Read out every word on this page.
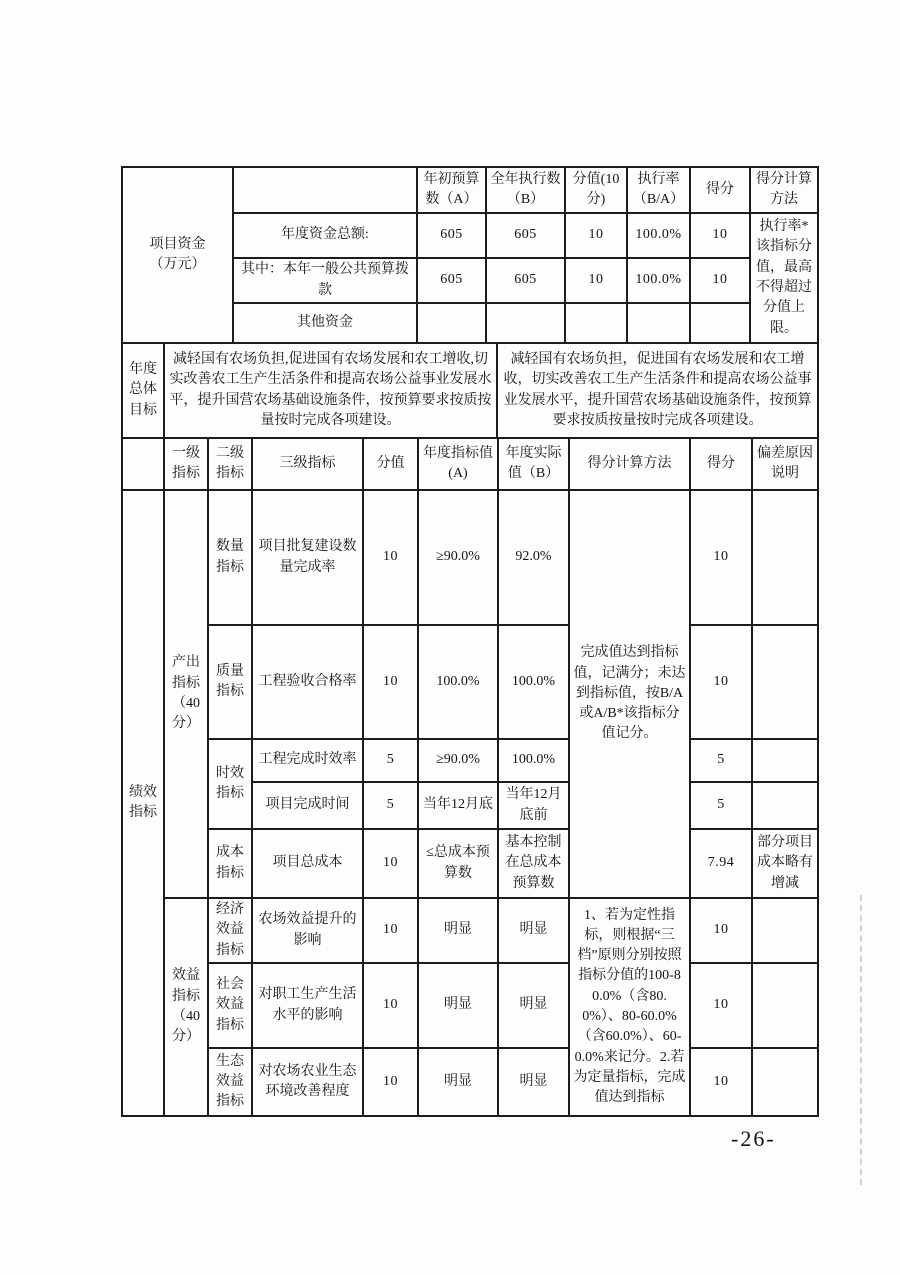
项目资金
（万元）		年初预算数（A）	全年执行数（B）	分值(10分)	执行率（B/A）	得分	得分计算方法
	年度资金总额:	605	605	10	100.0%	10	执行率*该指标分值，最高不得超过分值上限。
	其中：本年一般公共预算拨款	605	605	10	100.0%	10	
	其他资金						
年度总体目标	减轻国有农场负担,促进国有农场发展和农工增收,切实改善农工生产生活条件和提高农场公益事业发展水平，提升国营农场基础设施条件，按预算要求按质按量按时完成各项建设。	减轻国有农场负担，促进国有农场发展和农工增收，切实改善农工生产生活条件和提高农场公益事业发展水平，提升国营农场基础设施条件，按预算要求按质按量按时完成各项建设。
	一级指标	二级指标	三级指标	分值	年度指标值(A)	年度实际值（B）	得分计算方法	得分	偏差原因说明
绩效指标	产出指标（40分）	数量指标	项目批复建设数量完成率	10	≥90.0%	92.0%	完成值达到指标值，记满分；未达到指标值，按B/A或A/B*该指标分值记分。	10	
		质量指标	工程验收合格率	10	100.0%	100.0%		10	
		时效指标	工程完成时效率	5	≥90.0%	100.0%		5	
			项目完成时间	5	当年12月底	当年12月底前		5	
		成本指标	项目总成本	10	≤总成本预算数	基本控制在总成本预算数		7.94	部分项目成本略有增减
	效益指标（40分）	经济效益指标	农场效益提升的影响	10	明显	明显	1、若为定性指标，则根据“三档”原则分别按照指标分值的100-80.0%（含80.0%）、80-60.0%（含60.0%）、60-0.0%来记分。2.若为定量指标，完成值达到指标	10	
		社会效益指标	对职工生产生活水平的影响	10	明显	明显		10	
		生态效益指标	对农场农业生态环境改善程度	10	明显	明显		10	
-26-
